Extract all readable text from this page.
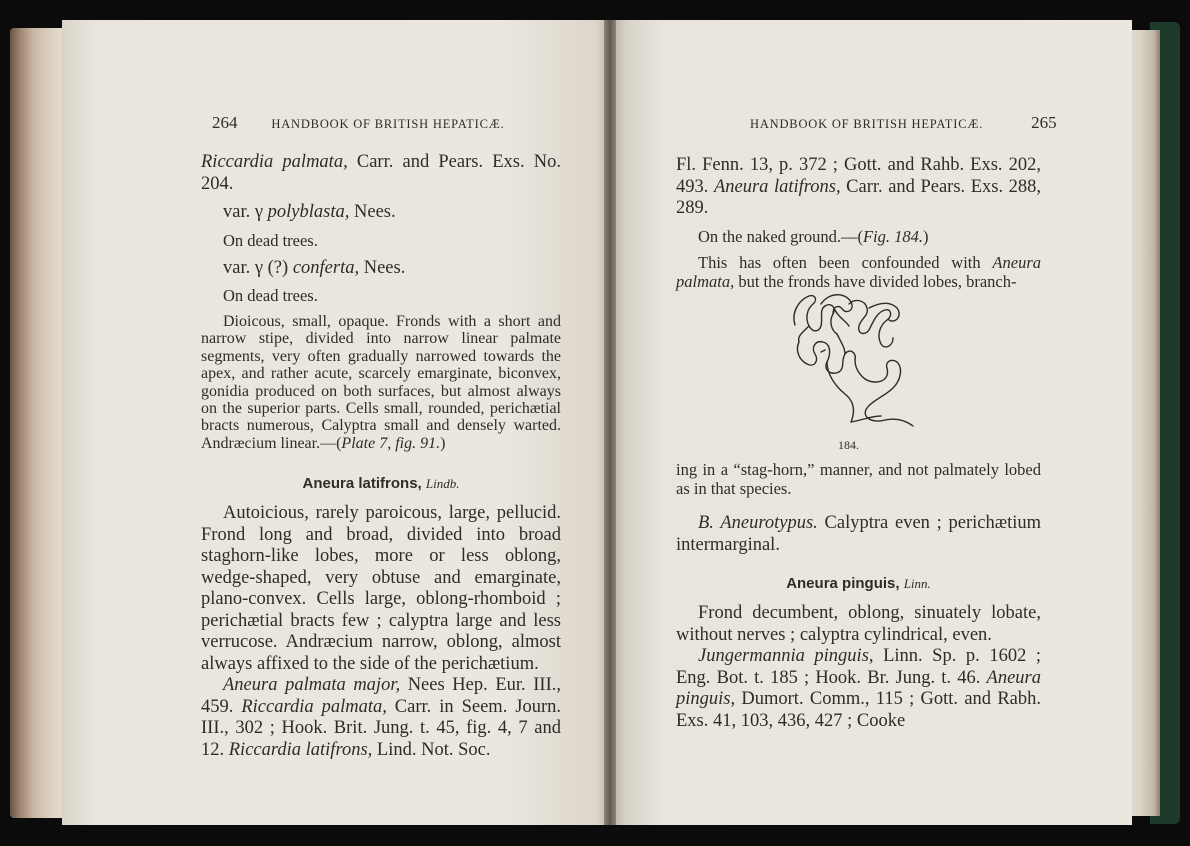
264	HANDBOOK OF BRITISH HEPATICÆ.	HANDBOOK OF BRITISH HEPATICÆ.	265

Riccardia palmata, Carr. and Pears. Exs. No. 204.

var. γ polyblasta, Nees.

On dead trees.

var. γ (?) conferta, Nees.

On dead trees.

Dioicous, small, opaque. Fronds with a short and narrow stipe, divided into narrow linear palmate segments, very often gradually narrowed towards the apex, and rather acute, scarcely emarginate, biconvex, gonidia produced on both surfaces, but almost always on the superior parts. Cells small, rounded, perichætial bracts numerous, Calyptra small and densely warted. Andræcium linear.—(Plate 7, fig. 91.)

Aneura latifrons, Lindb.

Autoicious, rarely paroicous, large, pellucid. Frond long and broad, divided into broad staghorn-like lobes, more or less oblong, wedge-shaped, very obtuse and emarginate, plano-convex. Cells large, oblong-rhomboid ; perichætial bracts few ; calyptra large and less verrucose. Andræcium narrow, oblong, almost always affixed to the side of the perichætium.

Aneura palmata major, Nees Hep. Eur. III., 459. Riccardia palmata, Carr. in Seem. Journ. III., 302 ; Hook. Brit. Jung. t. 45, fig. 4, 7 and 12. Riccardia latifrons, Lind. Not. Soc.

Fl. Fenn. 13, p. 372 ; Gott. and Rahb. Exs. 202, 493. Aneura latifrons, Carr. and Pears. Exs. 288, 289.

On the naked ground.—(Fig. 184.)

This has often been confounded with Aneura palmata, but the fronds have divided lobes, branch-

184.

ing in a “stag-horn,” manner, and not palmately lobed as in that species.

B. Aneurotypus. Calyptra even ; perichætium intermarginal.

Aneura pinguis, Linn.

Frond decumbent, oblong, sinuately lobate, without nerves ; calyptra cylindrical, even.

Jungermannia pinguis, Linn. Sp. p. 1602 ; Eng. Bot. t. 185 ; Hook. Br. Jung. t. 46. Aneura pinguis, Dumort. Comm., 115 ; Gott. and Rabh. Exs. 41, 103, 436, 427 ; Cooke
